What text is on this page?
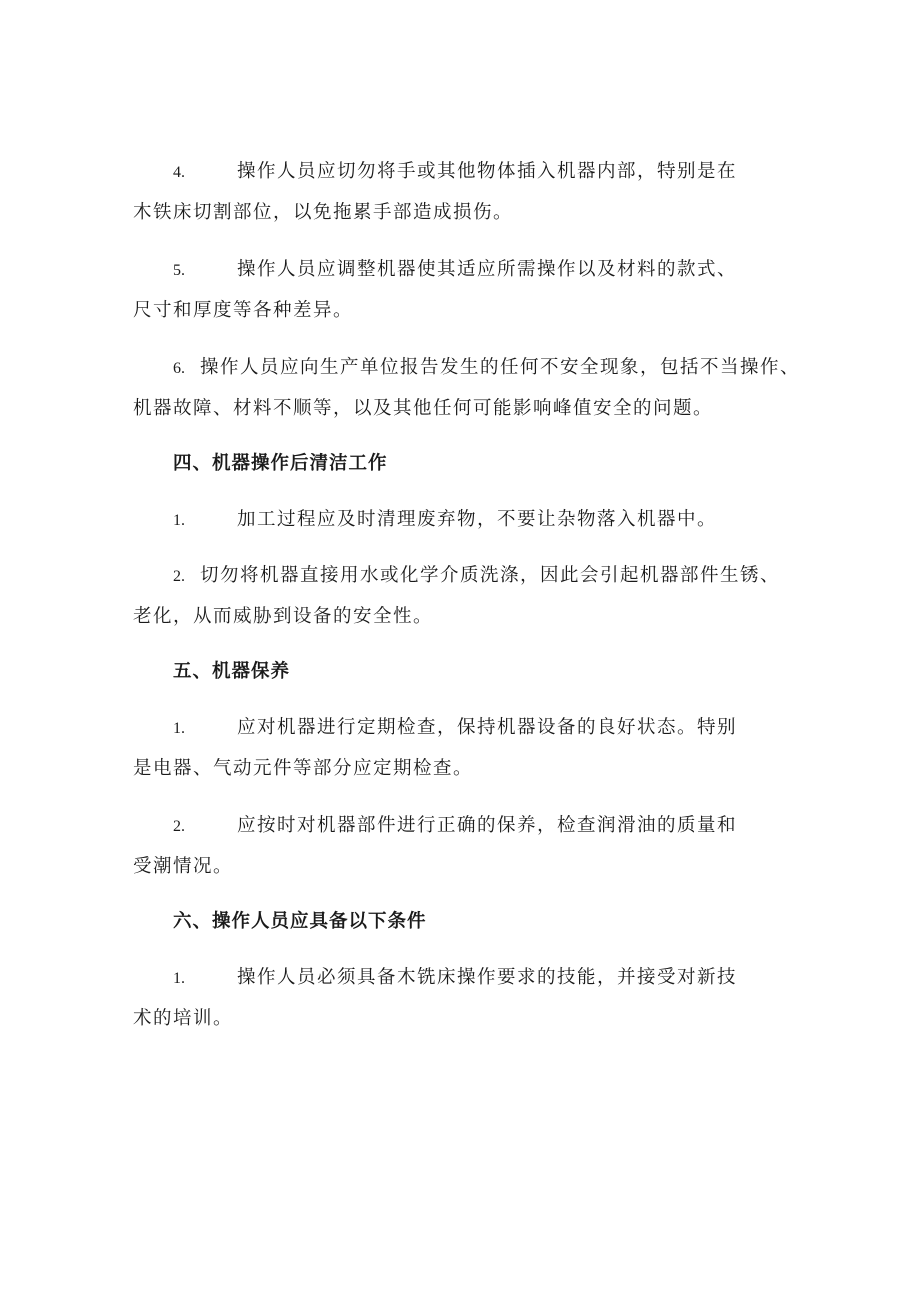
4.	操作人员应切勿将手或其他物体插入机器内部，特别是在
木铁床切割部位，以免拖累手部造成损伤。
5.	操作人员应调整机器使其适应所需操作以及材料的款式、
尺寸和厚度等各种差异。
6. 操作人员应向生产单位报告发生的任何不安全现象，包括不当操作、
机器故障、材料不顺等，以及其他任何可能影响峰值安全的问题。
四、机器操作后清洁工作
1.	加工过程应及时清理废弃物，不要让杂物落入机器中。
2. 切勿将机器直接用水或化学介质洗涤，因此会引起机器部件生锈、
老化，从而威胁到设备的安全性。
五、机器保养
1.	应对机器进行定期检查，保持机器设备的良好状态。特别
是电器、气动元件等部分应定期检查。
2.	应按时对机器部件进行正确的保养，检查润滑油的质量和
受潮情况。
六、操作人员应具备以下条件
1.	操作人员必须具备木铣床操作要求的技能，并接受对新技
术的培训。
